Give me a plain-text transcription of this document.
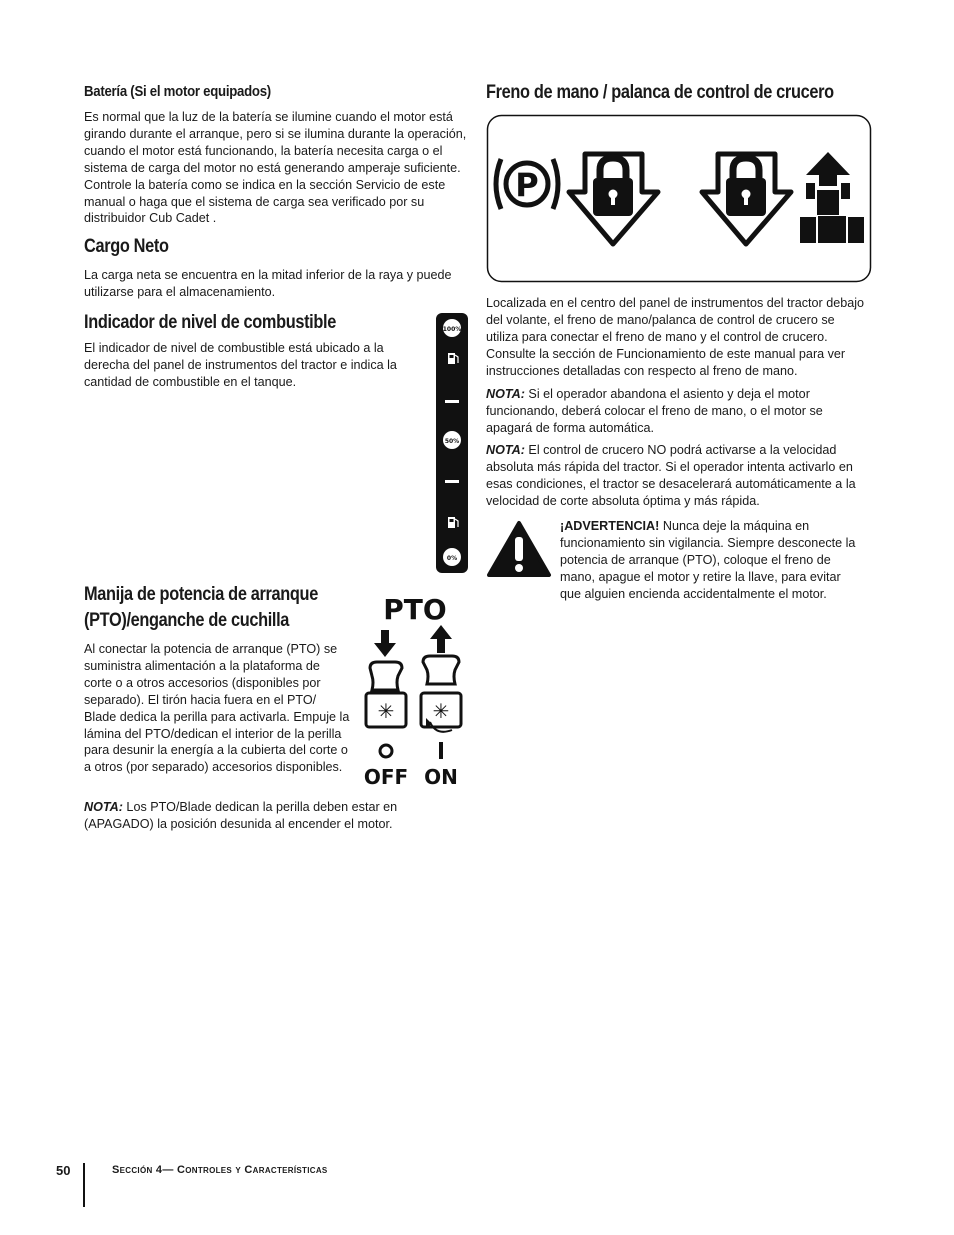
Batería (Si el motor equipados)

Es normal que la luz de la batería se ilumine cuando el motor está girando durante el arranque, pero si se ilumina durante la operación, cuando el motor está funcionando, la batería necesita carga o el sistema de carga del motor no está generando amperaje suficiente. Controle la batería como se indica en la sección Servicio de este manual o haga que el sistema de carga sea verificado por su distribuidor Cub Cadet .

Cargo Neto

La carga neta se encuentra en la mitad inferior de la raya y puede utilizarse para el almacenamiento.

Indicador de nivel de combustible

El indicador de nivel de combustible está ubicado a la derecha del panel de instrumentos del tractor e indica la cantidad de combustible en el tanque.

100%
50%
0%
Manija de potencia de arranque
(PTO)/enganche de cuchilla

Al conectar la potencia de arranque (PTO) se suministra alimentación a la plataforma de corte o a otros accesorios (disponibles por separado). El tirón hacia fuera en el PTO/ Blade dedica la perilla para activarla. Empuje la lámina del PTO/dedican el interior de la perilla para desunir la energía a la cubierta del corte o a otros (por separado) accesorios disponibles.

NOTA: Los PTO/Blade dedican la perilla deben estar en (APAGADO) la posición desunida al encender el motor.

PTO
✳ ✳
OFF ON
Freno de mano / palanca de control de crucero
P

Localizada en el centro del panel de instrumentos del tractor debajo del volante, el freno de mano/palanca de control de crucero se utiliza para conectar el freno de mano y el control de crucero. Consulte la sección de Funcionamiento de este manual para ver instrucciones detalladas con respecto al freno de mano.

NOTA: Si el operador abandona el asiento y deja el motor funcionando, deberá colocar el freno de mano, o el motor se apagará de forma automática.

NOTA: El control de crucero NO podrá activarse a la velocidad absoluta más rápida del tractor. Si el operador intenta activarlo en esas condiciones, el tractor se desacelerará automáticamente a la velocidad de corte absoluta óptima y más rápida.

¡ADVERTENCIA! Nunca deje la máquina en funcionamiento sin vigilancia. Siempre desconecte la potencia de arranque (PTO), coloque el freno de mano, apague el motor y retire la llave, para evitar que alguien encienda accidentalmente el motor.

50	Sección 4— Controles y Características
